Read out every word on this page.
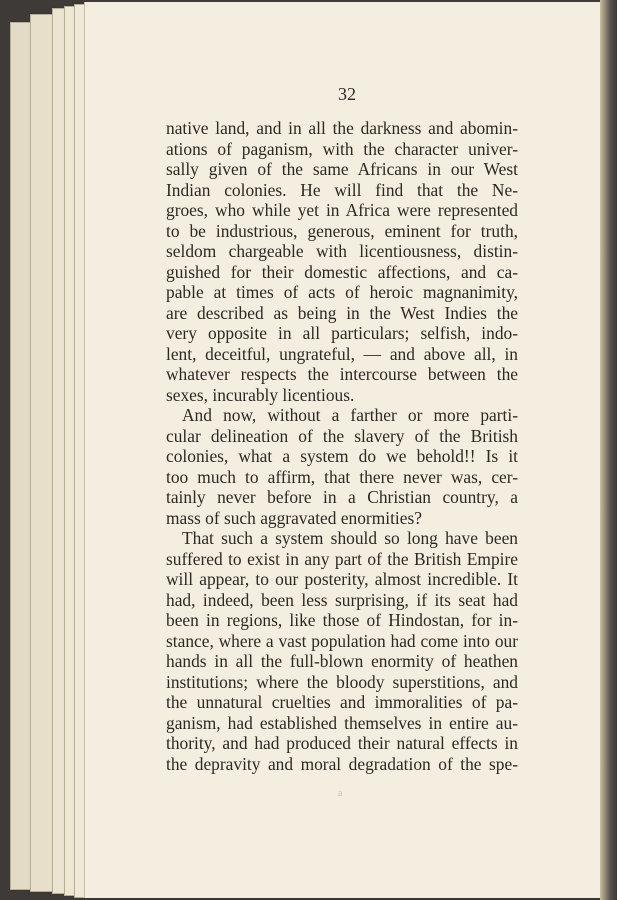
32
native land, and in all the darkness and abomin-
ations of paganism, with the character univer-
sally given of the same Africans in our West
Indian colonies. He will find that the Ne-
groes, who while yet in Africa were represented
to be industrious, generous, eminent for truth,
seldom chargeable with licentiousness, distin-
guished for their domestic affections, and ca-
pable at times of acts of heroic magnanimity,
are described as being in the West Indies the
very opposite in all particulars; selfish, indo-
lent, deceitful, ungrateful, — and above all, in
whatever respects the intercourse between the
sexes, incurably licentious.
And now, without a farther or more parti-
cular delineation of the slavery of the British
colonies, what a system do we behold!! Is it
too much to affirm, that there never was, cer-
tainly never before in a Christian country, a
mass of such aggravated enormities?
That such a system should so long have been
suffered to exist in any part of the British Empire
will appear, to our posterity, almost incredible. It
had, indeed, been less surprising, if its seat had
been in regions, like those of Hindostan, for in-
stance, where a vast population had come into our
hands in all the full-blown enormity of heathen
institutions; where the bloody superstitions, and
the unnatural cruelties and immoralities of pa-
ganism, had established themselves in entire au-
thority, and had produced their natural effects in
the depravity and moral degradation of the spe-
a
